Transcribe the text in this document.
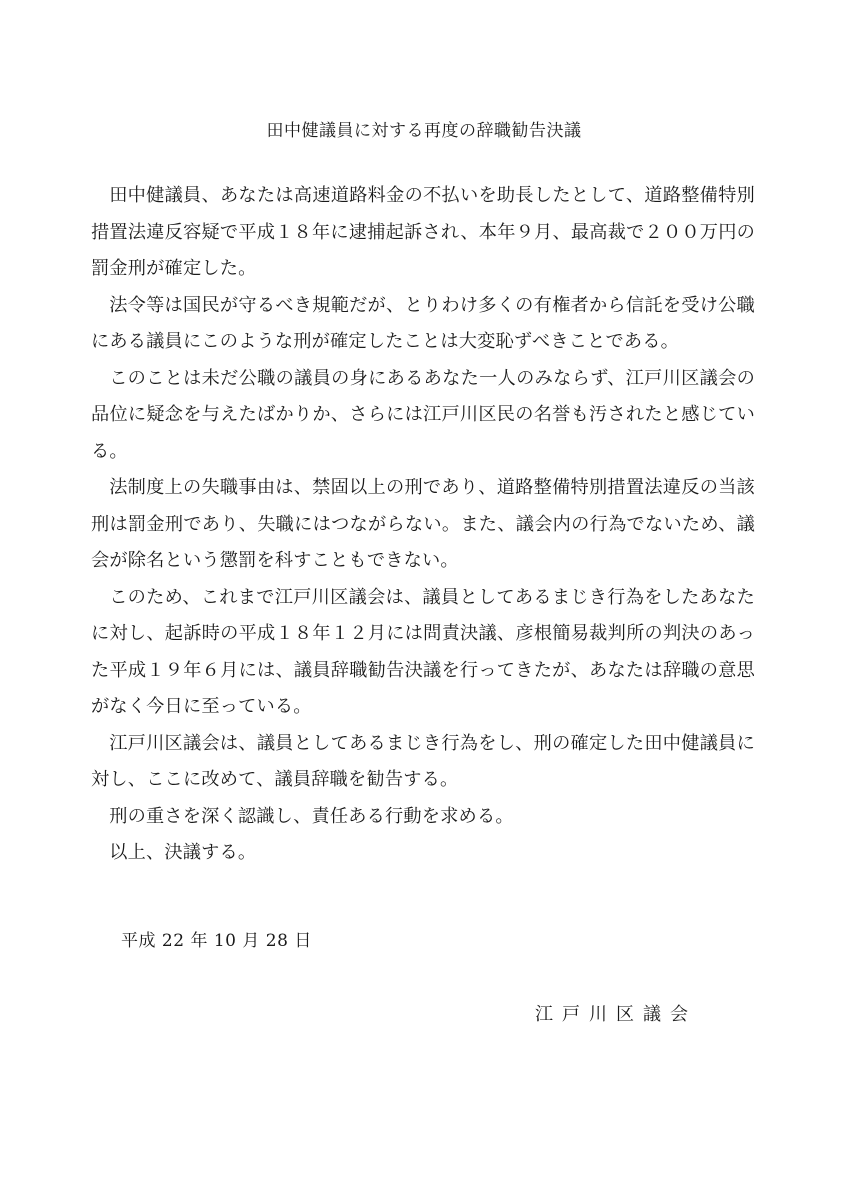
田中健議員に対する再度の辞職勧告決議

田中健議員、あなたは高速道路料金の不払いを助長したとして、道路整備特別措置法違反容疑で平成１８年に逮捕起訴され、本年９月、最高裁で２００万円の罰金刑が確定した。

法令等は国民が守るべき規範だが、とりわけ多くの有権者から信託を受け公職にある議員にこのような刑が確定したことは大変恥ずべきことである。

このことは未だ公職の議員の身にあるあなた一人のみならず、江戸川区議会の品位に疑念を与えたばかりか、さらには江戸川区民の名誉も汚されたと感じている。

法制度上の失職事由は、禁固以上の刑であり、道路整備特別措置法違反の当該刑は罰金刑であり、失職にはつながらない。また、議会内の行為でないため、議会が除名という懲罰を科すこともできない。

このため、これまで江戸川区議会は、議員としてあるまじき行為をしたあなたに対し、起訴時の平成１８年１２月には問責決議、彦根簡易裁判所の判決のあった平成１９年６月には、議員辞職勧告決議を行ってきたが、あなたは辞職の意思がなく今日に至っている。

江戸川区議会は、議員としてあるまじき行為をし、刑の確定した田中健議員に対し、ここに改めて、議員辞職を勧告する。

刑の重さを深く認識し、責任ある行動を求める。

以上、決議する。

平成 22 年 10 月 28 日
江戸川区議会
